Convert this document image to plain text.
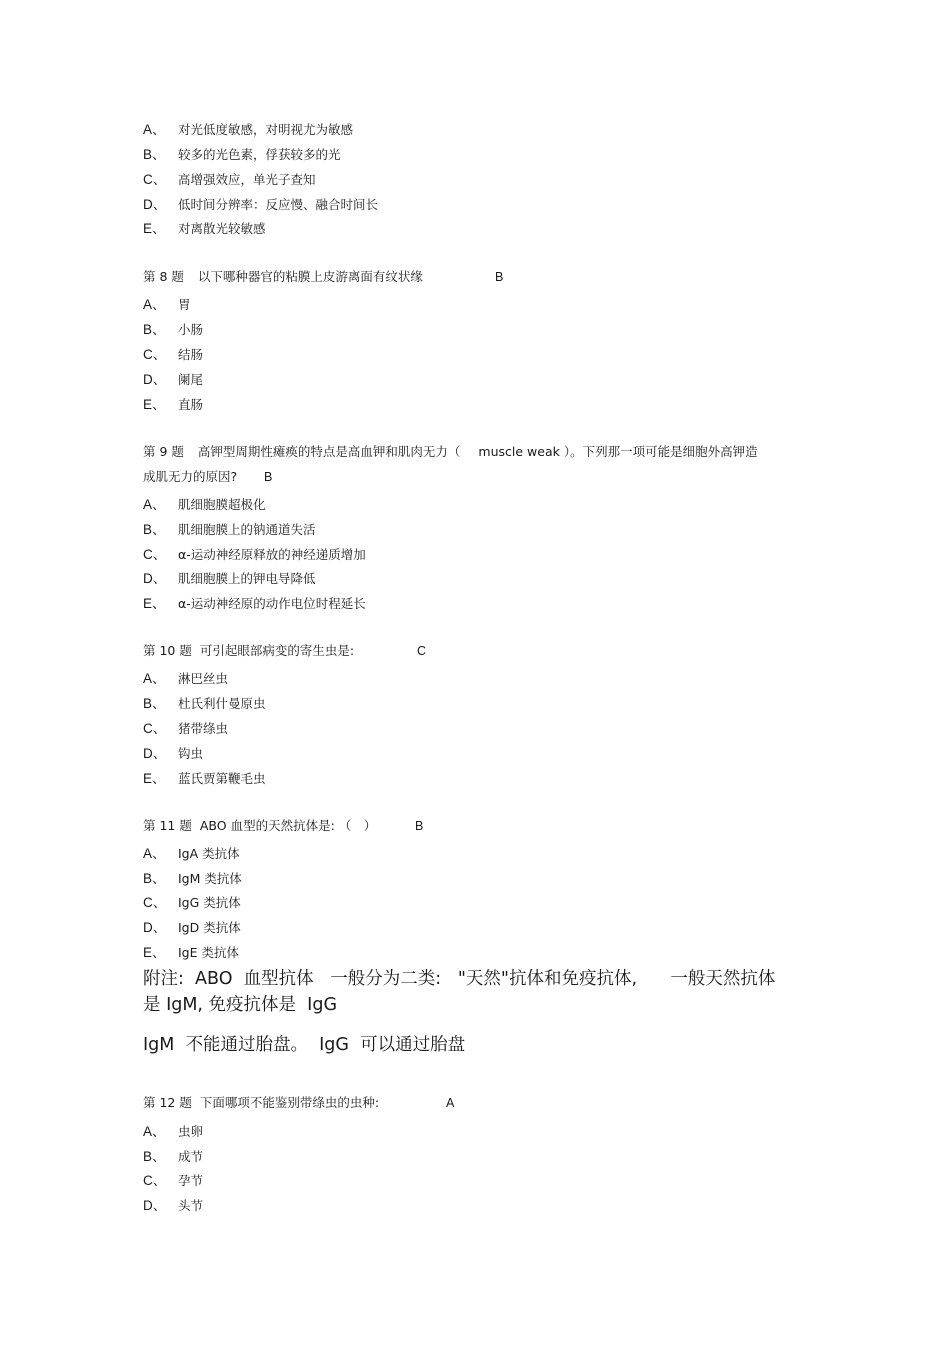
A、 对光低度敏感，对明视尤为敏感
B、 较多的光色素，俘获较多的光
C、 高增强效应，单光子查知
D、 低时间分辨率：反应慢、融合时间长
E、 对离散光较敏感
第 8 题 以下哪种器官的粘膜上皮游离面有纹状缘	B
A、 胃
B、 小肠
C、 结肠
D、 阑尾
E、 直肠
第 9 题 高钾型周期性瘫痪的特点是高血钾和肌肉无力（ muscle weak ）。下列那一项可能是细胞外高钾造
成肌无力的原因? B
A、 肌细胞膜超极化
B、 肌细胞膜上的钠通道失活
C、 α-运动神经原释放的神经递质增加
D、 肌细胞膜上的钾电导降低
E、 α-运动神经原的动作电位时程延长
第 10 题 可引起眼部病变的寄生虫是:	C
A、 淋巴丝虫
B、 杜氏利什曼原虫
C、 猪带绦虫
D、 钩虫
E、 蓝氏贾第鞭毛虫
第 11 题 ABO 血型的天然抗体是: （　）	B
A、 IgA 类抗体
B、 IgM 类抗体
C、 IgG 类抗体
D、 IgD 类抗体
E、 IgE 类抗体
附注:  ABO  血型抗体   一般分为二类:   "天然"抗体和免疫抗体,      一般天然抗体
是 IgM, 免疫抗体是  IgG
IgM  不能通过胎盘。  IgG  可以通过胎盘
第 12 题 下面哪项不能鉴别带绦虫的虫种:	A
A、 虫卵
B、 成节
C、 孕节
D、 头节
